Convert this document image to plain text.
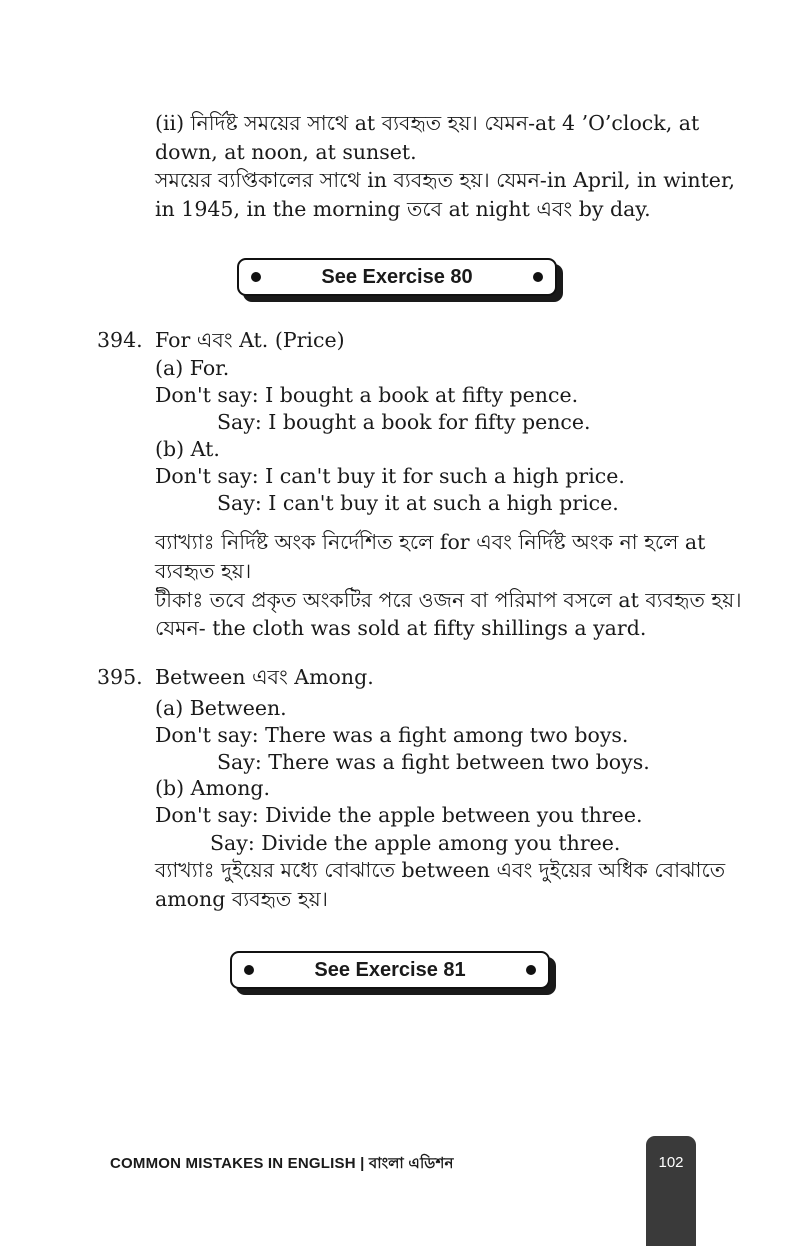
(ii) নির্দিষ্ট সময়ের সাথে at ব্যবহৃত হয়। যেমন-at 4 ’O’clock, at
down, at noon, at sunset.
সময়ের ব্যপ্তিকালের সাথে in ব্যবহৃত হয়। যেমন-in April, in winter,
in 1945, in the morning তবে at night এবং by day.
See Exercise 80
394. For এবং At. (Price)
(a) For.
Don't say: I bought a book at fifty pence.
Say: I bought a book for fifty pence.
(b) At.
Don't say: I can't buy it for such a high price.
Say: I can't buy it at such a high price.
ব্যাখ্যাঃ নির্দিষ্ট অংক নির্দেশিত হলে for এবং নির্দিষ্ট অংক না হলে at
ব্যবহৃত হয়।
টীকাঃ তবে প্রকৃত অংকটির পরে ওজন বা পরিমাপ বসলে at ব্যবহৃত হয়।
যেমন- the cloth was sold at fifty shillings a yard.
395. Between এবং Among.
(a) Between.
Don't say: There was a fight among two boys.
Say: There was a fight between two boys.
(b) Among.
Don't say: Divide the apple between you three.
Say: Divide the apple among you three.
ব্যাখ্যাঃ দুইয়ের মধ্যে বোঝাতে between এবং দুইয়ের অধিক বোঝাতে
among ব্যবহৃত হয়।
See Exercise 81
COMMON MISTAKES IN ENGLISH | বাংলা এডিশন	102
